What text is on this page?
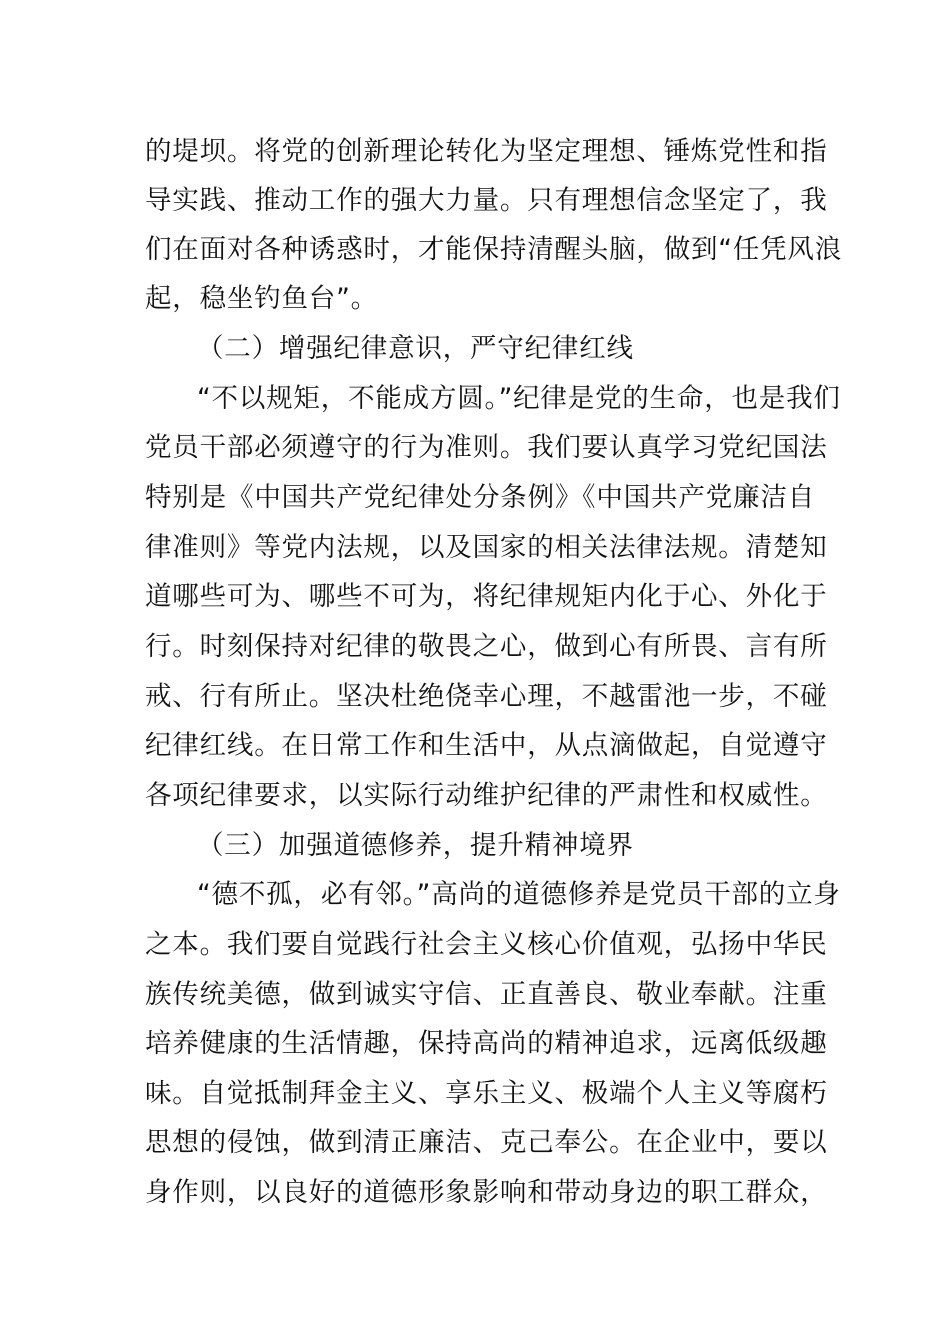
的堤坝。将党的创新理论转化为坚定理想、锤炼党性和指
导实践、推动工作的强大力量。只有理想信念坚定了，我
们在面对各种诱惑时，才能保持清醒头脑，做到“任凭风浪
起，稳坐钓鱼台”。
（二）增强纪律意识，严守纪律红线
“不以规矩，不能成方圆。”纪律是党的生命，也是我们
党员干部必须遵守的行为准则。我们要认真学习党纪国法
特别是《中国共产党纪律处分条例》《中国共产党廉洁自
律准则》等党内法规，以及国家的相关法律法规。清楚知
道哪些可为、哪些不可为，将纪律规矩内化于心、外化于
行。时刻保持对纪律的敬畏之心，做到心有所畏、言有所
戒、行有所止。坚决杜绝侥幸心理，不越雷池一步，不碰
纪律红线。在日常工作和生活中，从点滴做起，自觉遵守
各项纪律要求，以实际行动维护纪律的严肃性和权威性。
（三）加强道德修养，提升精神境界
“德不孤，必有邻。”高尚的道德修养是党员干部的立身
之本。我们要自觉践行社会主义核心价值观，弘扬中华民
族传统美德，做到诚实守信、正直善良、敬业奉献。注重
培养健康的生活情趣，保持高尚的精神追求，远离低级趣
味。自觉抵制拜金主义、享乐主义、极端个人主义等腐朽
思想的侵蚀，做到清正廉洁、克己奉公。在企业中，要以
身作则，以良好的道德形象影响和带动身边的职工群众，
